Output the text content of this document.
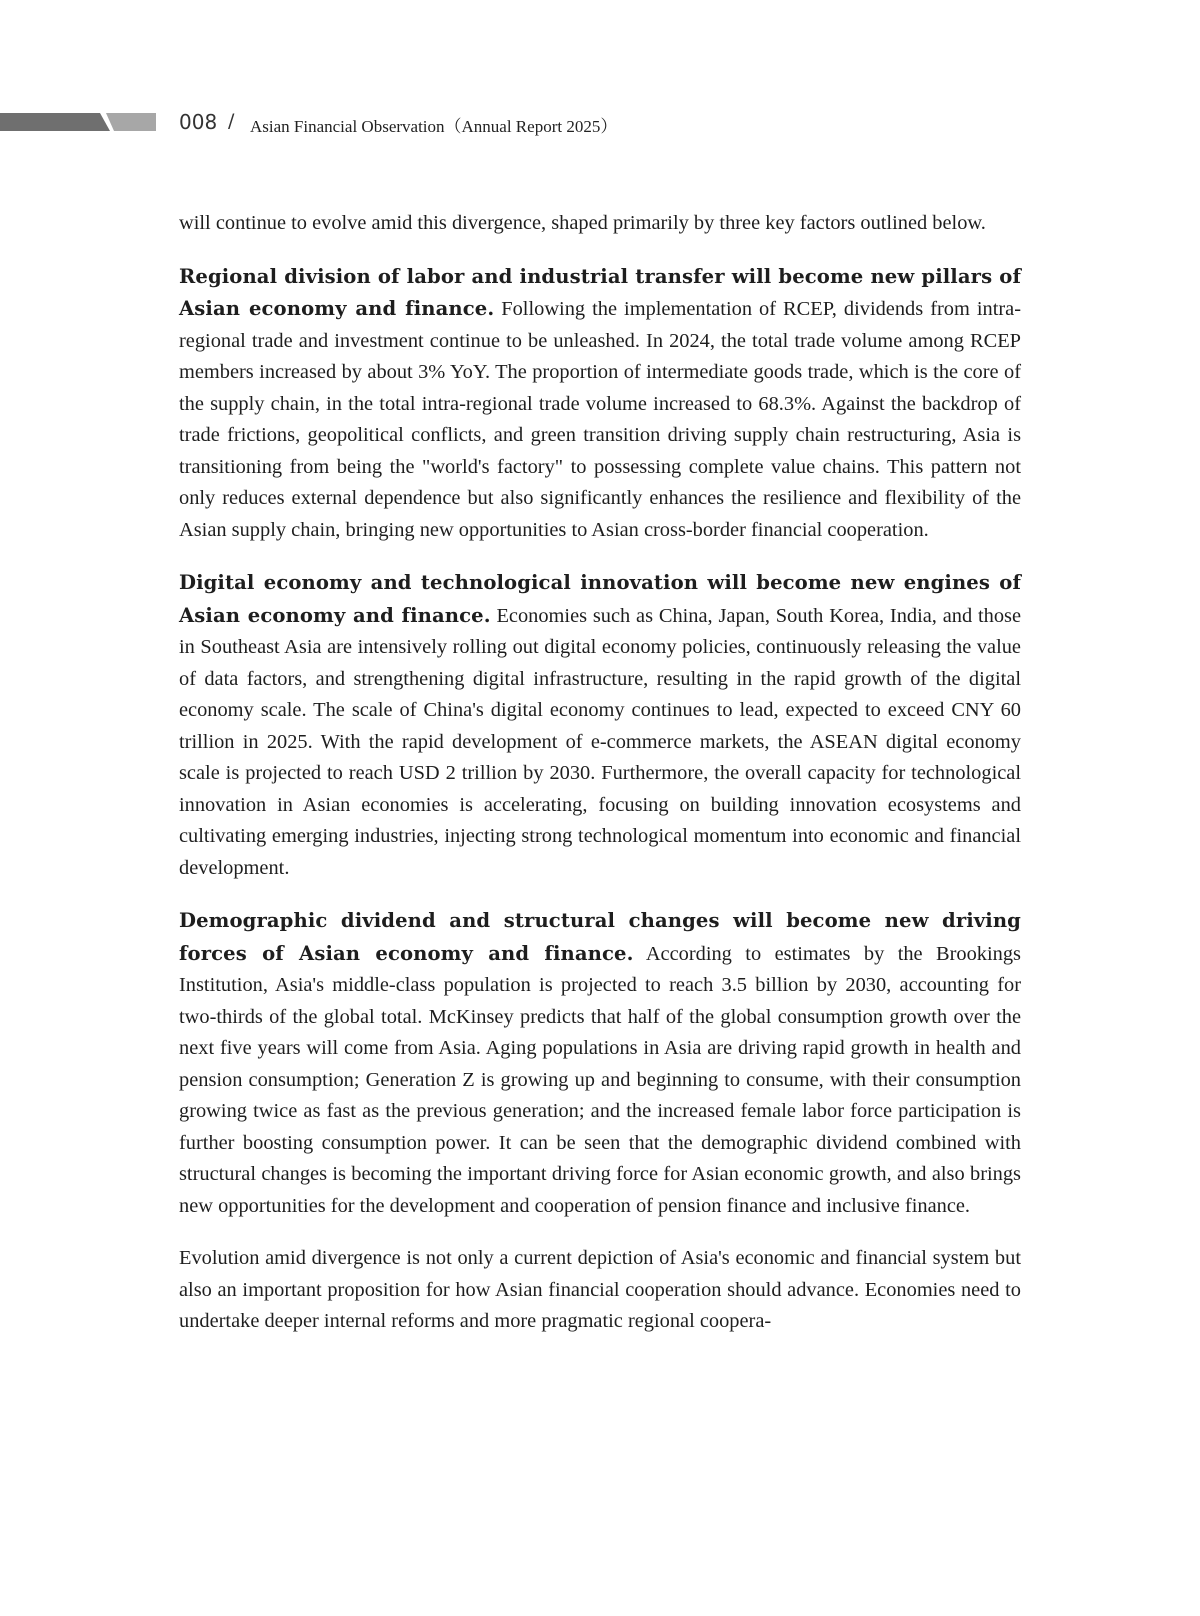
008 / Asian Financial Observation（Annual Report 2025）

will continue to evolve amid this divergence, shaped primarily by three key factors outlined below.

Regional division of labor and industrial transfer will become new pillars of Asian economy and finance. Following the implementation of RCEP, dividends from intra-regional trade and investment continue to be unleashed. In 2024, the total trade volume among RCEP members increased by about 3% YoY. The proportion of intermediate goods trade, which is the core of the supply chain, in the total intra-regional trade volume increased to 68.3%. Against the backdrop of trade frictions, geopolitical conflicts, and green transition driving supply chain restructuring, Asia is transitioning from being the "world's factory" to possessing complete value chains. This pattern not only reduces external dependence but also significantly enhances the resilience and flexibility of the Asian supply chain, bringing new opportunities to Asian cross-border financial cooperation.

Digital economy and technological innovation will become new engines of Asian economy and finance. Economies such as China, Japan, South Korea, India, and those in Southeast Asia are intensively rolling out digital economy policies, continuously releasing the value of data factors, and strengthening digital infrastructure, resulting in the rapid growth of the digital economy scale. The scale of China's digital economy continues to lead, expected to exceed CNY 60 trillion in 2025. With the rapid development of e-commerce markets, the ASEAN digital economy scale is projected to reach USD 2 trillion by 2030. Furthermore, the overall capacity for technological innovation in Asian economies is accelerating, focusing on building innovation ecosystems and cultivating emerging industries, injecting strong technological momentum into economic and financial development.

Demographic dividend and structural changes will become new driving forces of Asian economy and finance. According to estimates by the Brookings Institution, Asia's middle-class population is projected to reach 3.5 billion by 2030, accounting for two-thirds of the global total. McKinsey predicts that half of the global consumption growth over the next five years will come from Asia. Aging populations in Asia are driving rapid growth in health and pension consumption; Generation Z is growing up and beginning to consume, with their consumption growing twice as fast as the previous generation; and the increased female labor force participation is further boosting consumption power. It can be seen that the demographic dividend combined with structural changes is becoming the important driving force for Asian economic growth, and also brings new opportunities for the development and cooperation of pension finance and inclusive finance.

Evolution amid divergence is not only a current depiction of Asia's economic and financial system but also an important proposition for how Asian financial cooperation should advance. Economies need to undertake deeper internal reforms and more pragmatic regional coopera-
